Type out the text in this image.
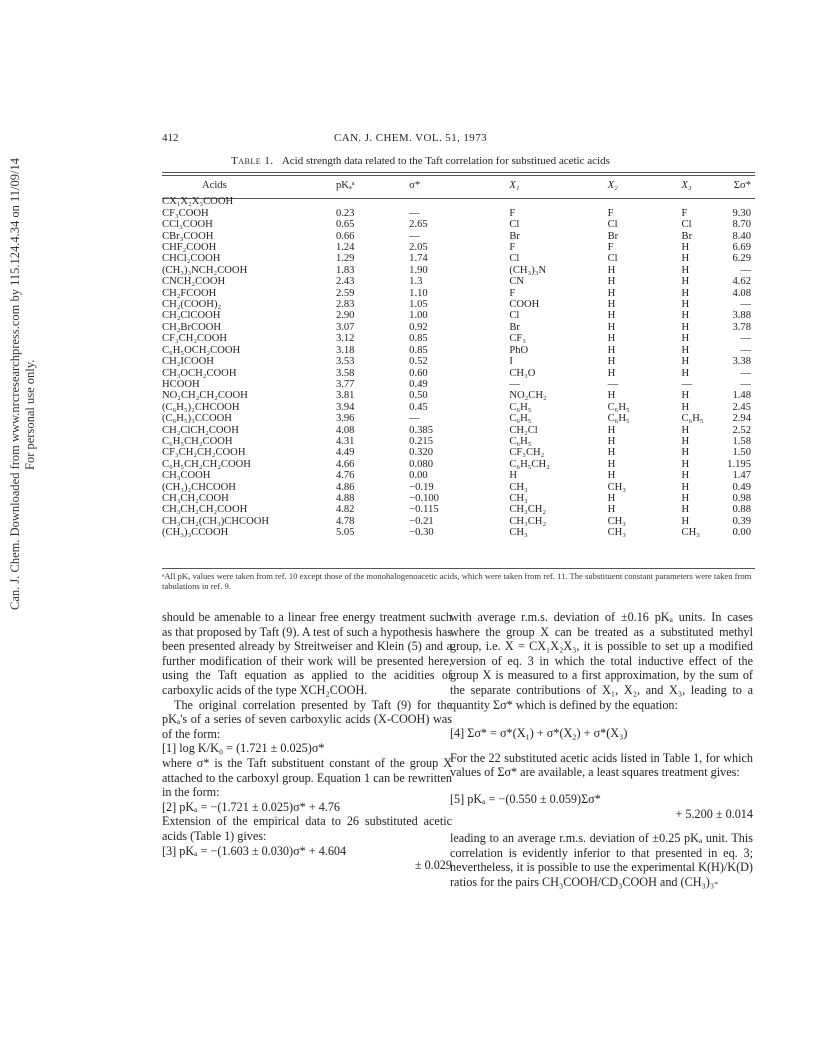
Can. J. Chem. Downloaded from www.nrcresearchpress.com by 115.124.4.34 on 11/09/14 For personal use only.
412	CAN. J. CHEM. VOL. 51, 1973
Table 1. Acid strength data related to the Taft correlation for substitued acetic acids
Acids	pKₐᵃ	σ*	X₁	X₂	X₃	Σσ*
CX₁X₂X₃COOH						
CF₃COOH	0.23	—	F	F	F	9.30
CCl₃COOH	0.65	2.65	Cl	Cl	Cl	8.70
CBr₃COOH	0.66	—	Br	Br	Br	8.40
CHF₂COOH	1.24	2.05	F	F	H	6.69
CHCl₂COOH	1.29	1.74	Cl	Cl	H	6.29
(CH₃)₃NCH₂COOH	1.83	1.90	(CH₃)₃N	H	H	—
CNCH₂COOH	2.43	1.3	CN	H	H	4.62
CH₂FCOOH	2.59	1.10	F	H	H	4.08
CH₂(COOH)₂	2.83	1.05	COOH	H	H	—
CH₂ClCOOH	2.90	1.00	Cl	H	H	3.88
CH₂BrCOOH	3.07	0.92	Br	H	H	3.78
CF₃CH₂COOH	3.12	0.85	CF₃	H	H	—
C₆H₅OCH₂COOH	3.18	0.85	PhO	H	H	—
CH₂ICOOH	3.53	0.52	I	H	H	3.38
CH₃OCH₂COOH	3.58	0.60	CH₃O	H	H	—
HCOOH	3.77	0.49	—	—	—	—
NO₂CH₂CH₂COOH	3.81	0.50	NO₂CH₂	H	H	1.48
(C₆H₅)₂CHCOOH	3.94	0.45	C₆H₅	C₆H₅	H	2.45
(C₆H₅)₃CCOOH	3.96	—	C₆H₅	C₆H₅	C₆H₅	2.94
CH₂ClCH₂COOH	4.08	0.385	CH₂Cl	H	H	2.52
C₆H₅CH₂COOH	4.31	0.215	C₆H₅	H	H	1.58
CF₃CH₂CH₂COOH	4.49	0.320	CF₃CH₂	H	H	1.50
C₆H₅CH₂CH₂COOH	4.66	0.080	C₆H₅CH₂	H	H	1.195
CH₃COOH	4.76	0.00	H	H	H	1.47
(CH₃)₂CHCOOH	4.86	−0.19	CH₃	CH₃	H	0.49
CH₃CH₂COOH	4.88	−0.100	CH₃	H	H	0.98
CH₃CH₂CH₂COOH	4.82	−0.115	CH₃CH₂	H	H	0.88
CH₃CH₂(CH₃)CHCOOH	4.78	−0.21	CH₃CH₂	CH₃	H	0.39
(CH₃)₃CCOOH	5.05	−0.30	CH₃	CH₃	CH₃	0.00
ᵃAll pKₐ values were taken from ref. 10 except those of the monohalogenoacetic acids, which were taken from ref. 11. The substituent constant parameters were taken from tabulations in ref. 9.

should be amenable to a linear free energy treatment such as that proposed by Taft (9). A test of such a hypothesis has been presented already by Streitweiser and Klein (5) and a further modification of their work will be presented here, using the Taft equation as applied to the acidities of carboxylic acids of the type XCH₂COOH.

The original correlation presented by Taft (9) for the pKₐ's of a series of seven carboxylic acids (X-COOH) was of the form:

[1] log K/K₀ = (1.721 ± 0.025)σ*

where σ* is the Taft substituent constant of the group X attached to the carboxyl group. Equation 1 can be rewritten in the form:

[2] pKₐ = −(1.721 ± 0.025)σ* + 4.76

Extension of the empirical data to 26 substituted acetic acids (Table 1) gives:

[3] pKₐ = −(1.603 ± 0.030)σ* + 4.604

± 0.029

with average r.m.s. deviation of ±0.16 pKₐ units. In cases where the group X can be treated as a substituted methyl group, i.e. X = CX₁X₂X₃, it is possible to set up a modified version of eq. 3 in which the total inductive effect of the group X is measured to a first approximation, by the sum of the separate contributions of X₁, X₂, and X₃, leading to a quantity Σσ* which is defined by the equation:

[4] Σσ* = σ*(X₁) + σ*(X₂) + σ*(X₃)

For the 22 substituted acetic acids listed in Table 1, for which values of Σσ* are available, a least squares treatment gives:

[5] pKₐ = −(0.550 ± 0.059)Σσ*

+ 5.200 ± 0.014

leading to an average r.m.s. deviation of ±0.25 pKₐ unit. This correlation is evidently inferior to that presented in eq. 3; nevertheless, it is possible to use the experimental K(H)/K(D) ratios for the pairs CH₃COOH/CD₃COOH and (CH₃)₃-
